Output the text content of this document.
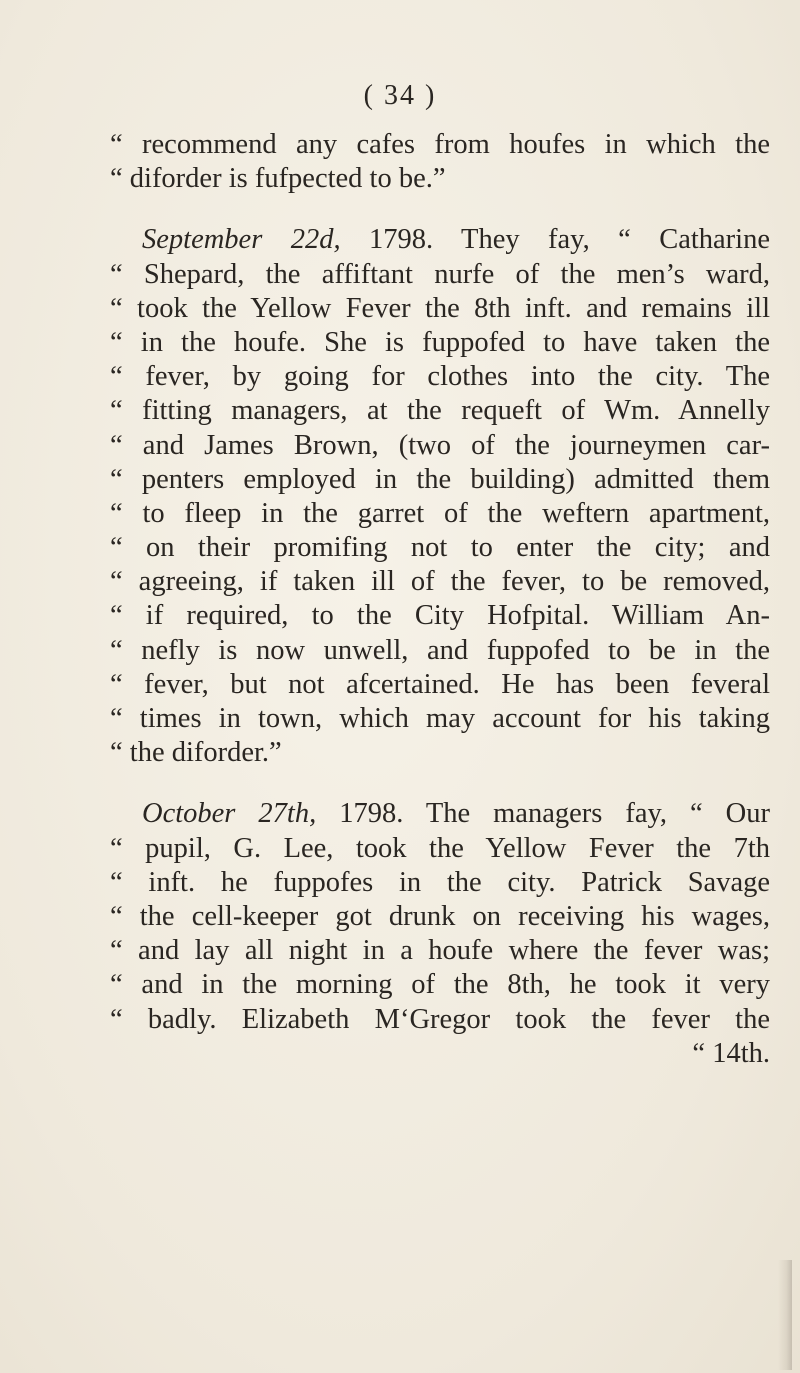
( 34 )
“ recommend any cafes from houfes in which the
“ diforder is fufpected to be.”
September 22d, 1798. They fay, “ Catharine
“ Shepard, the affiftant nurfe of the men’s ward,
“ took the Yellow Fever the 8th inft. and remains ill
“ in the houfe. She is fuppofed to have taken the
“ fever, by going for clothes into the city. The
“ fitting managers, at the requeft of Wm. Annelly
“ and James Brown, (two of the journeymen car-
“ penters employed in the building) admitted them
“ to fleep in the garret of the weftern apartment,
“ on their promifing not to enter the city; and
“ agreeing, if taken ill of the fever, to be removed,
“ if required, to the City Hofpital. William An-
“ nefly is now unwell, and fuppofed to be in the
“ fever, but not afcertained. He has been feveral
“ times in town, which may account for his taking
“ the diforder.”
October 27th, 1798. The managers fay, “ Our
“ pupil, G. Lee, took the Yellow Fever the 7th
“ inft. he fuppofes in the city. Patrick Savage
“ the cell-keeper got drunk on receiving his wages,
“ and lay all night in a houfe where the fever was;
“ and in the morning of the 8th, he took it very
“ badly. Elizabeth M‘Gregor took the fever the
“ 14th.
